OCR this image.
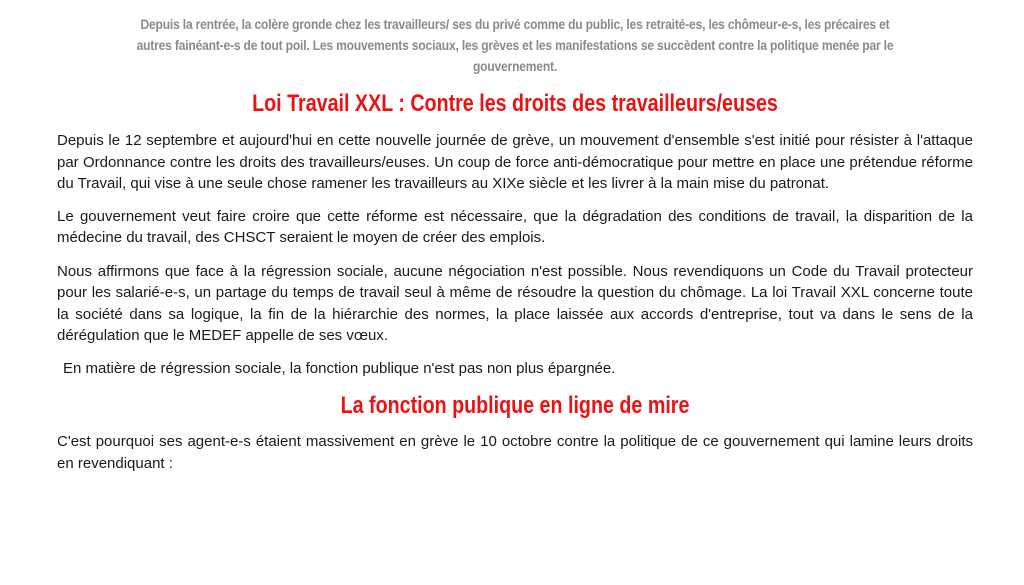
Depuis la rentrée, la colère gronde chez les travailleurs/ ses du privé comme du public, les retraité-es, les chômeur-e-s, les précaires et autres fainéant-e-s de tout poil. Les mouvements sociaux, les grèves et les manifestations se succèdent contre la politique menée par le gouvernement.

Loi Travail XXL : Contre les droits des travailleurs/euses

Depuis le 12 septembre et aujourd'hui en cette nouvelle journée de grève, un mouvement d'ensemble s'est initié pour résister à l'attaque par Ordonnance contre les droits des travailleurs/euses. Un coup de force anti-démocratique pour mettre en place une prétendue réforme du Travail, qui vise à une seule chose ramener les travailleurs au XIXe siècle et les livrer à la main mise du patronat.

Le gouvernement veut faire croire que cette réforme est nécessaire, que la dégradation des conditions de travail, la disparition de la médecine du travail, des CHSCT seraient le moyen de créer des emplois.

Nous affirmons que face à la régression sociale, aucune négociation n'est possible. Nous revendiquons un Code du Travail protecteur pour les salarié-e-s, un partage du temps de travail seul à même de résoudre la question du chômage. La loi Travail XXL concerne toute la société dans sa logique, la fin de la hiérarchie des normes, la place laissée aux accords d'entreprise, tout va dans le sens de la dérégulation que le MEDEF appelle de ses vœux.

En matière de régression sociale, la fonction publique n'est pas non plus épargnée.

La fonction publique en ligne de mire

C'est pourquoi ses agent-e-s étaient massivement en grève le 10 octobre contre la politique de ce gouvernement qui lamine leurs droits en revendiquant :
